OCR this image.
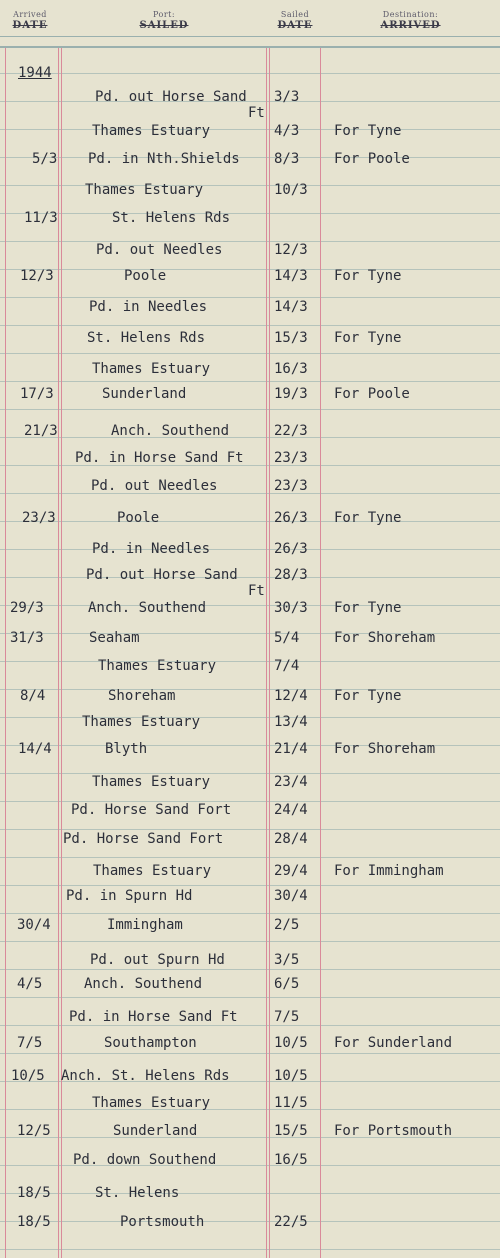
Arrived
DATE
Port:
SAILED
Sailed
DATE
Destination:
ARRIVED
1944
Pd. out Horse Sand
Ft
3/3
Thames Estuary	4/3 For Tyne
5/3 Pd. in Nth.Shields 8/3 For Poole
Thames Estuary	10/3
11/3	St. Helens Rds
Pd. out Needles	12/3
12/3	Poole	14/3 For Tyne
Pd. in Needles	14/3
St. Helens Rds	15/3 For Tyne
Thames Estuary	16/3
17/3	Sunderland	19/3 For Poole
21/3	Anch. Southend	22/3
Pd. in Horse Sand Ft 23/3
Pd. out Needles	23/3
23/3	Poole	26/3 For Tyne
Pd. in Needles	26/3
Pd. out Horse Sand
Ft
28/3
29/3	Anch. Southend	30/3 For Tyne
31/3	Seaham	5/4 For Shoreham
Thames Estuary	7/4
8/4	Shoreham	12/4 For Tyne
Thames Estuary	13/4
14/4	Blyth	21/4 For Shoreham
Thames Estuary	23/4
Pd. Horse Sand Fort	24/4
Pd. Horse Sand Fort	28/4
Thames Estuary	29/4 For Immingham
Pd. in Spurn Hd	30/4
30/4	Immingham	2/5
Pd. out Spurn Hd	3/5
4/5	Anch. Southend	6/5
Pd. in Horse Sand Ft	7/5
7/5	Southampton	10/5 For Sunderland
10/5 Anch. St. Helens Rds	10/5
Thames Estuary	11/5
12/5	Sunderland	15/5 For Portsmouth
Pd. down Southend	16/5
18/5	St. Helens
18/5	Portsmouth	22/5
